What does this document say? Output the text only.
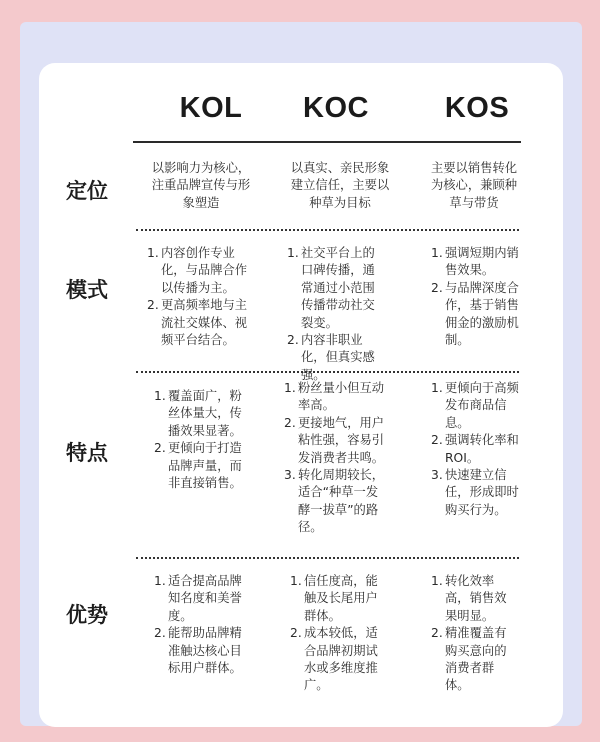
KOL	KOC	KOS
定位
模式
特点
优势
以影响力为核心，注重品牌宣传与形象塑造
以真实、亲民形象建立信任，主要以种草为目标
主要以销售转化为核心，兼顾种草与带货
1. 内容创作专业化，与品牌合作以传播为主。
2. 更高频率地与主流社交媒体、视频平台结合。
1. 社交平台上的口碑传播，通常通过小范围传播带动社交裂变。
2. 内容非职业化，但真实感强。
1. 强调短期内销售效果。
2. 与品牌深度合作，基于销售佣金的激励机制。
1. 覆盖面广，粉丝体量大，传播效果显著。
2. 更倾向于打造品牌声量，而非直接销售。
1. 粉丝量小但互动率高。
2. 更接地气，用户粘性强，容易引发消费者共鸣。
3. 转化周期较长，适合“种草一发酵一拔草”的路径。
1. 更倾向于高频发布商品信息。
2. 强调转化率和 ROI。
3. 快速建立信任，形成即时购买行为。
1. 适合提高品牌知名度和美誉度。
2. 能帮助品牌精准触达核心目标用户群体。
1. 信任度高，能触及长尾用户群体。
2. 成本较低，适合品牌初期试水或多维度推广。
1. 转化效率高，销售效果明显。
2. 精准覆盖有购买意向的消费者群体。
